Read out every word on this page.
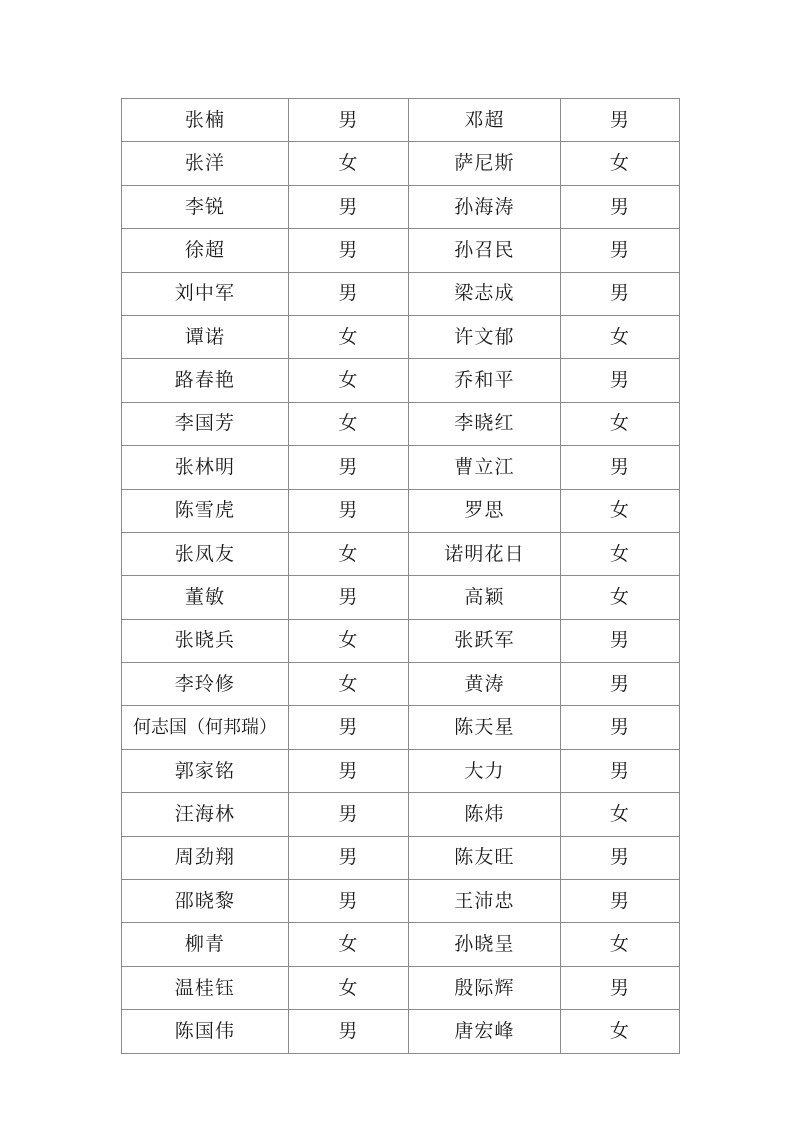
张楠	男	邓超	男
张洋	女	萨尼斯	女
李锐	男	孙海涛	男
徐超	男	孙召民	男
刘中军	男	梁志成	男
谭诺	女	许文郁	女
路春艳	女	乔和平	男
李国芳	女	李晓红	女
张林明	男	曹立江	男
陈雪虎	男	罗思	女
张凤友	女	诺明花日	女
董敏	男	高颖	女
张晓兵	女	张跃军	男
李玲修	女	黄涛	男
何志国（何邦瑞）	男	陈天星	男
郭家铭	男	大力	男
汪海林	男	陈炜	女
周劲翔	男	陈友旺	男
邵晓黎	男	王沛忠	男
柳青	女	孙晓呈	女
温桂钰	女	殷际辉	男
陈国伟	男	唐宏峰	女
